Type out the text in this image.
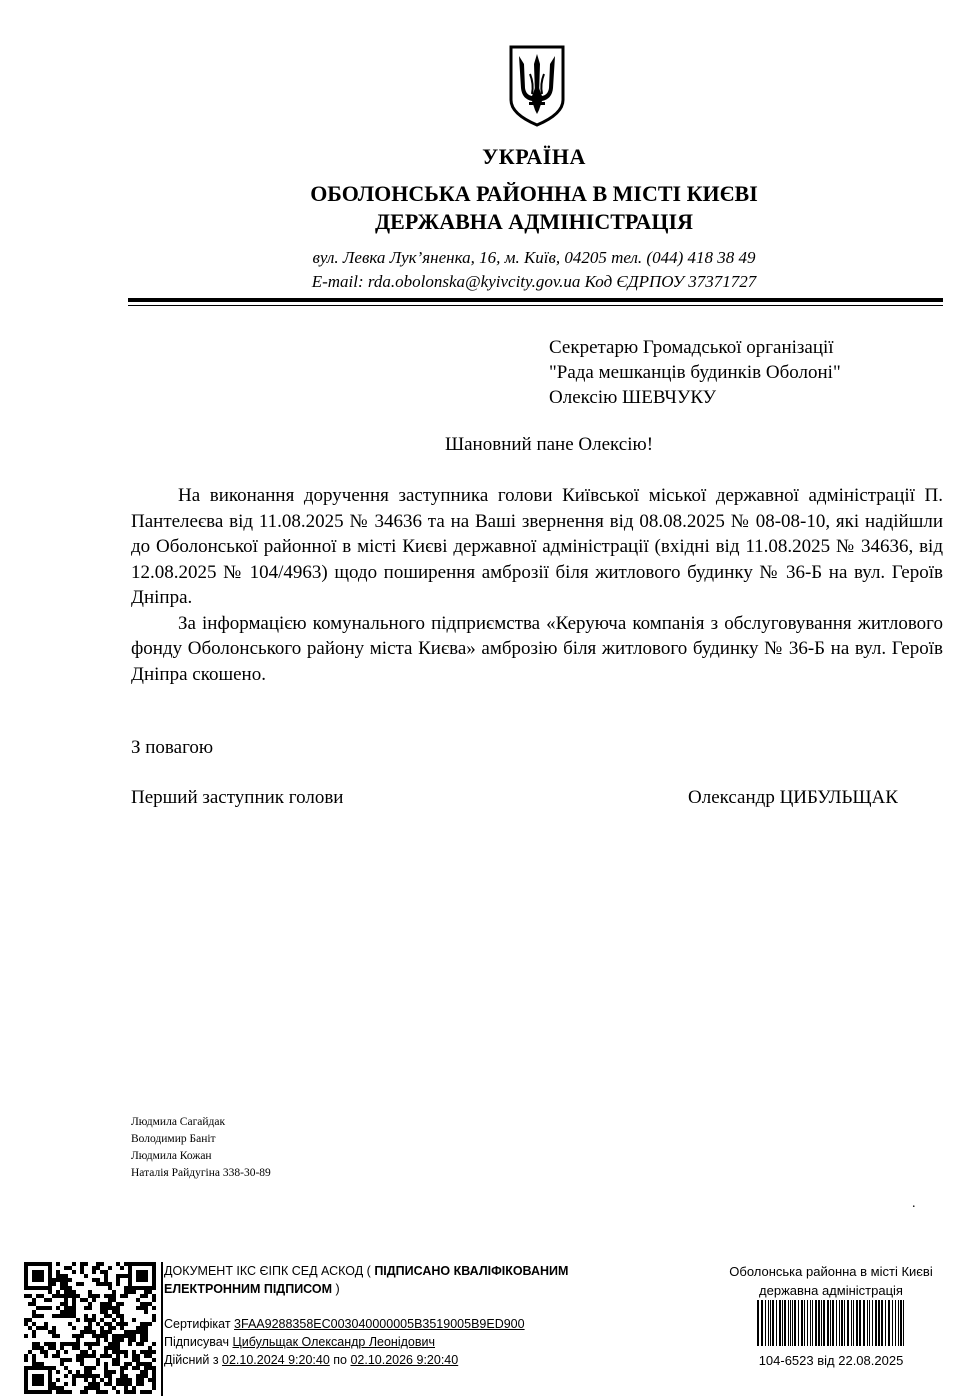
УКРАЇНА
ОБОЛОНСЬКА РАЙОННА В МІСТІ КИЄВІ
ДЕРЖАВНА АДМІНІСТРАЦІЯ
вул. Левка Лук’яненка, 16, м. Київ, 04205 тел. (044) 418 38 49
E-mail: rda.obolonska@kyivcity.gov.ua Код ЄДРПОУ 37371727
Секретарю Громадської організації
"Рада мешканців будинків Оболоні"
Олексію ШЕВЧУКУ
Шановний пане Олексію!

На виконання доручення заступника голови Київської міської державної адміністрації П. Пантелеєва від 11.08.2025 № 34636 та на Ваші звернення від 08.08.2025 № 08-08-10, які надійшли до Оболонської районної в місті Києві державної адміністрації (вхідні від 11.08.2025 № 34636, від 12.08.2025 № 104/4963) щодо поширення амброзії біля житлового будинку № 36-Б на вул. Героїв Дніпра.

За інформацією комунального підприємства «Керуюча компанія з обслуговування житлового фонду Оболонського району міста Києва» амброзію біля житлового будинку № 36-Б на вул. Героїв Дніпра скошено.

З повагою
Перший заступник голови	Олександр ЦИБУЛЬЩАК
Людмила Сагайдак
Володимир Баніт
Людмила Кожан
Наталія Райдугіна 338-30-89
.
ДОКУМЕНТ ІКС ЄІПК СЕД АСКОД ( ПІДПИСАНО КВАЛІФІКОВАНИМ
ЕЛЕКТРОННИМ ПІДПИСОМ )
Сертифікат 3FAA9288358EC003040000005B3519005B9ED900
Підписувач Цибульщак Олександр Леонідович
Дійсний з 02.10.2024 9:20:40 по 02.10.2026 9:20:40
Оболонська районна в місті Києві
державна адміністрація
104-6523 від 22.08.2025
